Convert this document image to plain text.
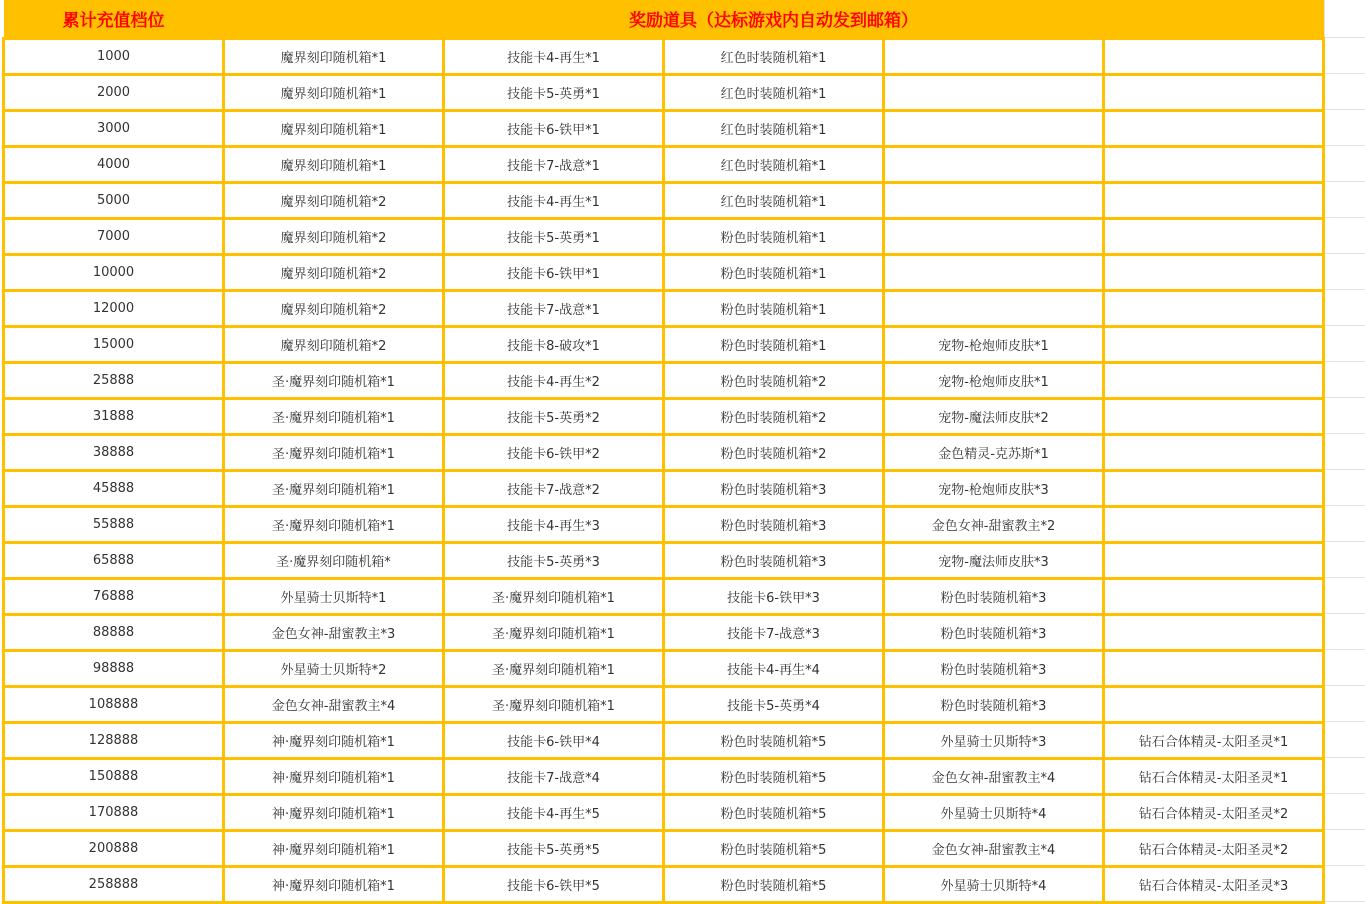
累计充值档位	奖励道具（达标游戏内自动发到邮箱）				
1000	魔界刻印随机箱*1	技能卡4-再生*1	红色时装随机箱*1		
2000	魔界刻印随机箱*1	技能卡5-英勇*1	红色时装随机箱*1		
3000	魔界刻印随机箱*1	技能卡6-铁甲*1	红色时装随机箱*1		
4000	魔界刻印随机箱*1	技能卡7-战意*1	红色时装随机箱*1		
5000	魔界刻印随机箱*2	技能卡4-再生*1	红色时装随机箱*1		
7000	魔界刻印随机箱*2	技能卡5-英勇*1	粉色时装随机箱*1		
10000	魔界刻印随机箱*2	技能卡6-铁甲*1	粉色时装随机箱*1		
12000	魔界刻印随机箱*2	技能卡7-战意*1	粉色时装随机箱*1		
15000	魔界刻印随机箱*2	技能卡8-破攻*1	粉色时装随机箱*1	宠物-枪炮师皮肤*1	
25888	圣·魔界刻印随机箱*1	技能卡4-再生*2	粉色时装随机箱*2	宠物-枪炮师皮肤*1	
31888	圣·魔界刻印随机箱*1	技能卡5-英勇*2	粉色时装随机箱*2	宠物-魔法师皮肤*2	
38888	圣·魔界刻印随机箱*1	技能卡6-铁甲*2	粉色时装随机箱*2	金色精灵-克苏斯*1	
45888	圣·魔界刻印随机箱*1	技能卡7-战意*2	粉色时装随机箱*3	宠物-枪炮师皮肤*3	
55888	圣·魔界刻印随机箱*1	技能卡4-再生*3	粉色时装随机箱*3	金色女神-甜蜜教主*2	
65888	圣·魔界刻印随机箱*	技能卡5-英勇*3	粉色时装随机箱*3	宠物-魔法师皮肤*3	
76888	外星骑士贝斯特*1	圣·魔界刻印随机箱*1	技能卡6-铁甲*3	粉色时装随机箱*3	
88888	金色女神-甜蜜教主*3	圣·魔界刻印随机箱*1	技能卡7-战意*3	粉色时装随机箱*3	
98888	外星骑士贝斯特*2	圣·魔界刻印随机箱*1	技能卡4-再生*4	粉色时装随机箱*3	
108888	金色女神-甜蜜教主*4	圣·魔界刻印随机箱*1	技能卡5-英勇*4	粉色时装随机箱*3	
128888	神·魔界刻印随机箱*1	技能卡6-铁甲*4	粉色时装随机箱*5	外星骑士贝斯特*3	钻石合体精灵-太阳圣灵*1
150888	神·魔界刻印随机箱*1	技能卡7-战意*4	粉色时装随机箱*5	金色女神-甜蜜教主*4	钻石合体精灵-太阳圣灵*1
170888	神·魔界刻印随机箱*1	技能卡4-再生*5	粉色时装随机箱*5	外星骑士贝斯特*4	钻石合体精灵-太阳圣灵*2
200888	神·魔界刻印随机箱*1	技能卡5-英勇*5	粉色时装随机箱*5	金色女神-甜蜜教主*4	钻石合体精灵-太阳圣灵*2
258888	神·魔界刻印随机箱*1	技能卡6-铁甲*5	粉色时装随机箱*5	外星骑士贝斯特*4	钻石合体精灵-太阳圣灵*3
